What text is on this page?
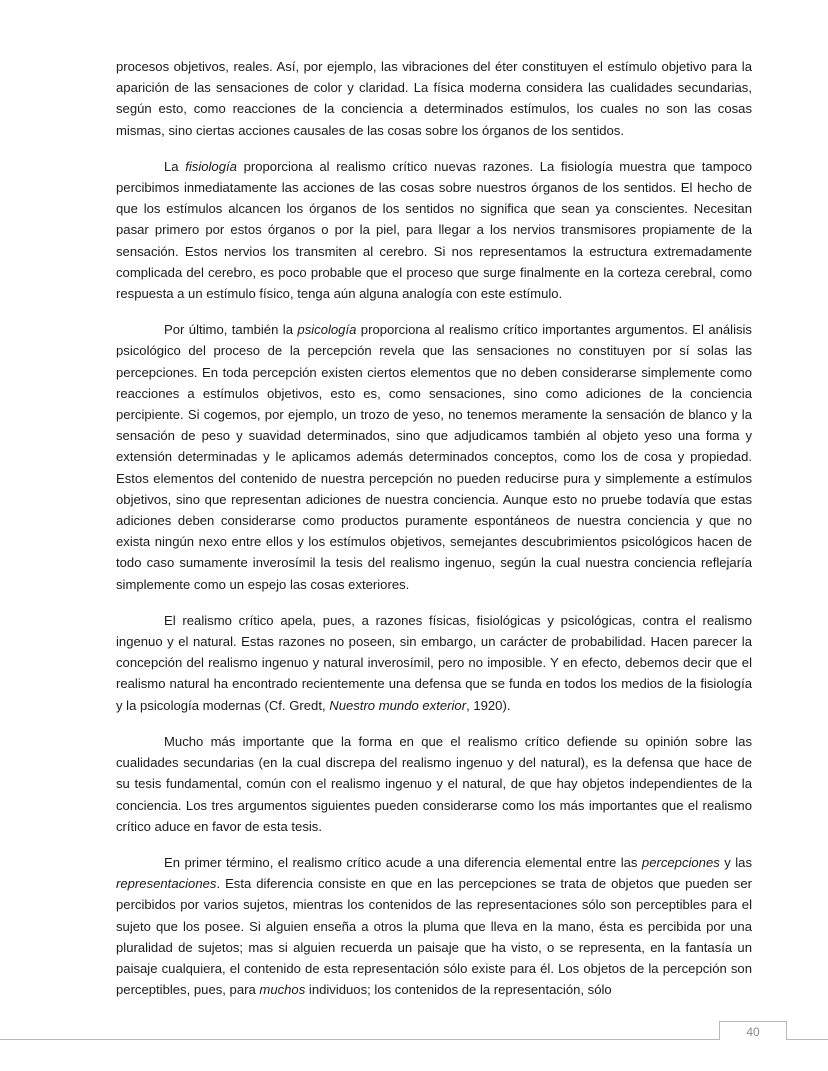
procesos objetivos, reales. Así, por ejemplo, las vibraciones del éter constituyen el estímulo objetivo para la aparición de las sensaciones de color y claridad. La física moderna considera las cualidades secundarias, según esto, como reacciones de la conciencia a determinados estímulos, los cuales no son las cosas mismas, sino ciertas acciones causales de las cosas sobre los órganos de los sentidos.

La fisiología proporciona al realismo crítico nuevas razones. La fisiología muestra que tampoco percibimos inmediatamente las acciones de las cosas sobre nuestros órganos de los sentidos. El hecho de que los estímulos alcancen los órganos de los sentidos no significa que sean ya conscientes. Necesitan pasar primero por estos órganos o por la piel, para llegar a los nervios transmisores propiamente de la sensación. Estos nervios los transmiten al cerebro. Si nos representamos la estructura extremadamente complicada del cerebro, es poco probable que el proceso que surge finalmente en la corteza cerebral, como respuesta a un estímulo físico, tenga aún alguna analogía con este estímulo.

Por último, también la psicología proporciona al realismo crítico importantes argumentos. El análisis psicológico del proceso de la percepción revela que las sensaciones no constituyen por sí solas las percepciones. En toda percepción existen ciertos elementos que no deben considerarse simplemente como reacciones a estímulos objetivos, esto es, como sensaciones, sino como adiciones de la conciencia percipiente. Si cogemos, por ejemplo, un trozo de yeso, no tenemos meramente la sensación de blanco y la sensación de peso y suavidad determinados, sino que adjudicamos también al objeto yeso una forma y extensión determinadas y le aplicamos además determinados conceptos, como los de cosa y propiedad. Estos elementos del contenido de nuestra percepción no pueden reducirse pura y simplemente a estímulos objetivos, sino que representan adiciones de nuestra conciencia. Aunque esto no pruebe todavía que estas adiciones deben considerarse como productos puramente espontáneos de nuestra conciencia y que no exista ningún nexo entre ellos y los estímulos objetivos, semejantes descubrimientos psicológicos hacen de todo caso sumamente inverosímil la tesis del realismo ingenuo, según la cual nuestra conciencia reflejaría simplemente como un espejo las cosas exteriores.

El realismo crítico apela, pues, a razones físicas, fisiológicas y psicológicas, contra el realismo ingenuo y el natural. Estas razones no poseen, sin embargo, un carácter de probabilidad. Hacen parecer la concepción del realismo ingenuo y natural inverosímil, pero no imposible. Y en efecto, debemos decir que el realismo natural ha encontrado recientemente una defensa que se funda en todos los medios de la fisiología y la psicología modernas (Cf. Gredt, Nuestro mundo exterior, 1920).

Mucho más importante que la forma en que el realismo crítico defiende su opinión sobre las cualidades secundarias (en la cual discrepa del realismo ingenuo y del natural), es la defensa que hace de su tesis fundamental, común con el realismo ingenuo y el natural, de que hay objetos independientes de la conciencia. Los tres argumentos siguientes pueden considerarse como los más importantes que el realismo crítico aduce en favor de esta tesis.

En primer término, el realismo crítico acude a una diferencia elemental entre las percepciones y las representaciones. Esta diferencia consiste en que en las percepciones se trata de objetos que pueden ser percibidos por varios sujetos, mientras los contenidos de las representaciones sólo son perceptibles para el sujeto que los posee. Si alguien enseña a otros la pluma que lleva en la mano, ésta es percibida por una pluralidad de sujetos; mas si alguien recuerda un paisaje que ha visto, o se representa, en la fantasía un paisaje cualquiera, el contenido de esta representación sólo existe para él. Los objetos de la percepción son perceptibles, pues, para muchos individuos; los contenidos de la representación, sólo

40
